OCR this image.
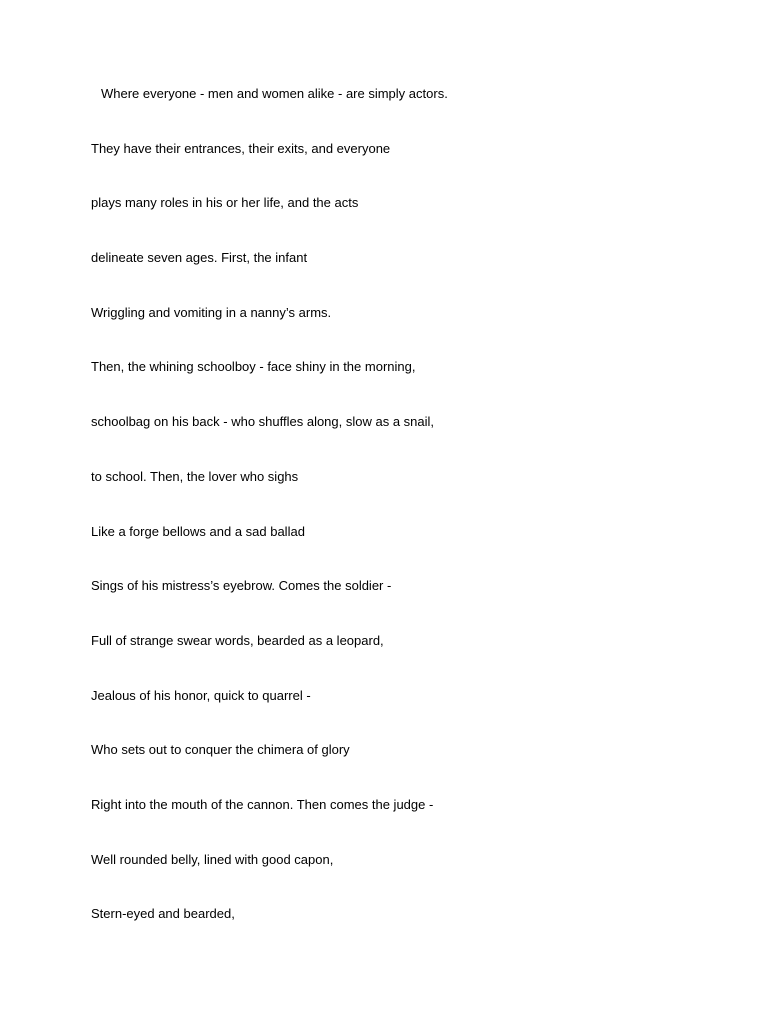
Where everyone - men and women alike - are simply actors.
They have their entrances, their exits, and everyone
plays many roles in his or her life, and the acts
delineate seven ages. First, the infant
Wriggling and vomiting in a nanny’s arms.
Then, the whining schoolboy - face shiny in the morning,
schoolbag on his back - who shuffles along, slow as a snail,
to school. Then, the lover who sighs
Like a forge bellows and a sad ballad
Sings of his mistress’s eyebrow. Comes the soldier -
Full of strange swear words, bearded as a leopard,
Jealous of his honor, quick to quarrel -
Who sets out to conquer the chimera of glory
Right into the mouth of the cannon. Then comes the judge -
Well rounded belly, lined with good capon,
Stern-eyed and bearded,
